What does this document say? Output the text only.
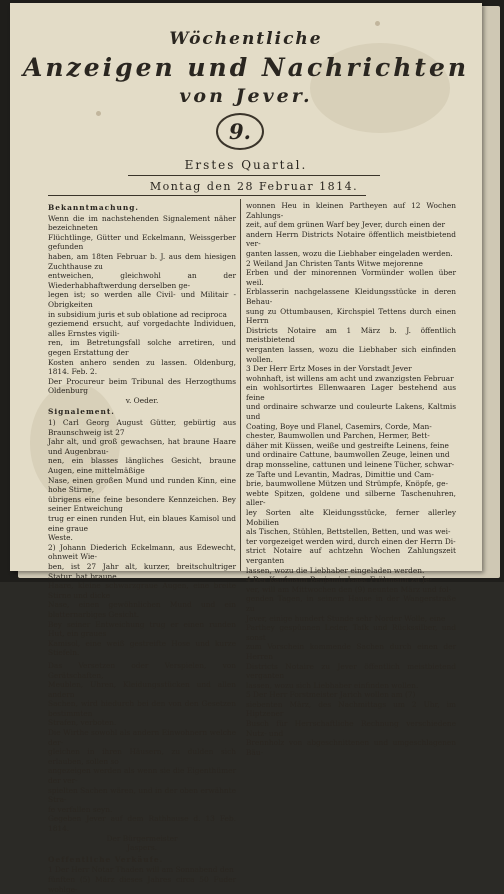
Wöchentliche
Anzeigen und Nachrichten
von Jever.
9.
Erstes Quartal.
Montag den 28 Februar 1814.

Bekanntmachung.

Wenn die im nachstehenden Signalement näher bezeichneten

Flüchtlinge, Gütter und Eckelmann, Weissgerber gefunden

haben, am 18ten Februar b. J. aus dem hiesigen Zuchthause zu

entweichen, gleichwohl an der Wiederhabhaftwerdung derselben ge-

legen ist; so werden alle Civil- und Militair - Obrigkeiten

in subsidium juris et sub oblatione ad reciproca

geziemend ersucht, auf vorgedachte Individuen, alles Ernstes vigili-

ren, im Betretungsfall solche arretiren, und gegen Erstattung der

Kosten anhero senden zu lassen. Oldenburg, 1814. Feb. 2.

Der Procureur beim Tribunal des Herzogthums Oldenburg

v. Oeder.

Signalement.

1) Carl Georg August Gütter, gebürtig aus Braunschweig ist 27

Jahr alt, und groß gewachsen, hat braune Haare und Augenbrau-

nen, ein blasses längliches Gesicht, braune Augen, eine mittelmäßige

Nase, einen großen Mund und runden Kinn, eine hohe Stirne,

übrigens eine feine besondere Kennzeichen. Bey seiner Entweichung

trug er einen runden Hut, ein blaues Kamisol und eine graue

Weste.

2) Johann Diederich Eckelmann, aus Edewecht, ohnweit Wie-

ben, ist 27 Jahr alt, kurzer, breitschultriger Statur, hat braune

Haare, kleine schwarzgraue Augen, eine breite Stirne und dicke

Nase, einen gewöhnlichen Mund und ein blatternarbiges Gesicht.

Bey seiner Entweichung trug er einen runden Hut, ein graues

Kamisol, eine weiß gestreifte Hose und kurze Stiefeln.

Das Versetzen oder Verspielen, von Gerätschaften,

Meublen, Uhren, Kleidungsstücken und allen andern

Sachen, wird hiedurch bei den von den Gesetzen bestimmten

Strafen, verboten.

Die Wirthe sowohl als andern Einwohnern welche der-

gleichen in ihren Häusern, zu dulden sich erlauben, sollen so

angezeigen werden als wenn sie die Eigenthümer der ver-

spielten Sachen wären, und in der oben erwähnte Stra-

fe verfallen seyn.

Gegeben Jever auf dem Rathhause d. 13 Feb. 1814.

Der Bürgermeister

Jaspers.

Oeffentliche Verkäufe.

1 Der Herr Notar Thaden will am Sonnabend den

fünften (5) März dieses Jahres circa 50 Fuder wohlge-

wonnen Heu in kleinen Partheyen auf 12 Wochen Zahlungs-

zeit, auf dem grünen Warf bey Jever, durch einen der

andern Herrn Districts Notaire öffentlich meistbietend ver-

ganten lassen, wozu die Liebhaber eingeladen werden.

2 Weiland Jan Christen Tants Witwe mejorenne

Erben und der minorennen Vormünder wollen über weil.

Erblasserin nachgelassene Kleidungsstücke in deren Behau-

sung zu Ottumbausen, Kirchspiel Tettens durch einen Herrn

Districts Notaire am 1 März b. J. öffentlich meistbietend

verganten lassen, wozu die Liebhaber sich einfinden wollen.

3 Der Herr Ertz Moses in der Vorstadt Jever

wohnhaft, ist willens am acht und zwanzigsten Februar

ein wohlsortirtes Ellenwaaren Lager bestehend aus feine

und ordinaire schwarze und couleurte Lakens, Kaltmis und

Coating, Boye und Flanel, Casemirs, Corde, Man-

chester, Baumwollen und Parchen, Hermer, Bett-

däher mit Küssen, weiße und gestreifte Leinens, feine

und ordinaire Cattune, baumwollen Zeuge, leinen und

drap monsseline, cattunen und leinene Tücher, schwar-

ze Tafte und Levantin, Madras, Dimittie und Cam-

brie, baumwollene Mützen und Strümpfe, Knöpfe, ge-

webte Spitzen, goldene und silberne Taschenuhren, aller-

ley Sorten alte Kleidungsstücke, ferner allerley Mobilien

als Tischen, Stühlen, Bettstellen, Betten, und was wei-

ter vorgezeiget werden wird, durch einen der Herrn Di-

strict Notaire auf achtzehn Wochen Zahlungszeit verganten

lassen, wozu die Liebhaber eingeladen werden.

4 Der Kaufmann Benjamin Isaac Frühmann zu Je-

ver, will am Mittwochen den (9) neunten März und fol-

genden Tagen, in seinem Hause in der Wangerstraße zu

Jever, einige hundert Stunde sehr Norder Wolle, eine

Parthey gespünnen Leder, Tafk und Rückssilber, und sonst

zum Vorschein kommende Sachen durch einen der Herren

Districts Notaire zu Jever öffentlich meistbietend verganten

lassen, wozu sich Liebhaber einfinden wollen.

5 Der Herr Forstmeister Jarich wollen am (7)

siebenten März, des Nachmittags um 2 Uhr, im Hiptzener

Busch für Herrschaftliche Rechnung verschiedene Nutz- und

Brennholz von abgeschnittenen und umgeschlagenen Bäu-
